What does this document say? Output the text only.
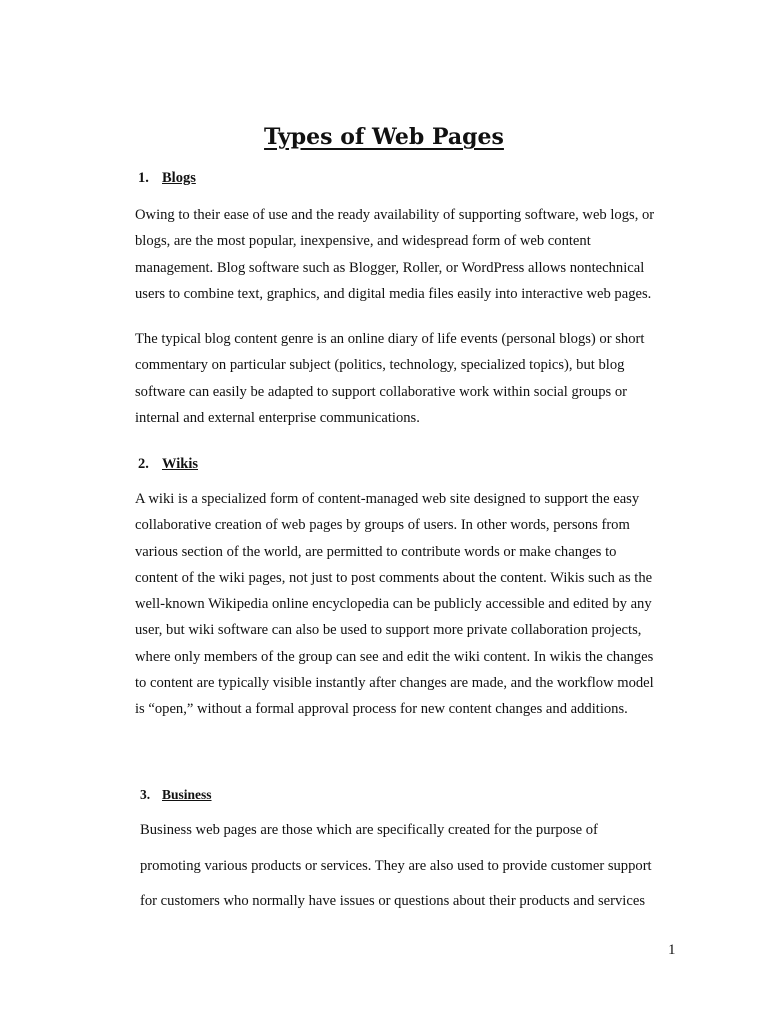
Types of Web Pages
1. Blogs
Owing to their ease of use and the ready availability of supporting software, web logs, or
blogs, are the most popular, inexpensive, and widespread form of web content
management. Blog software such as Blogger, Roller, or WordPress allows nontechnical
users to combine text, graphics, and digital media files easily into interactive web pages.
The typical blog content genre is an online diary of life events (personal blogs) or short
commentary on particular subject (politics, technology, specialized topics), but blog
software can easily be adapted to support collaborative work within social groups or
internal and external enterprise communications.
2. Wikis
A wiki is a specialized form of content-managed web site designed to support the easy
collaborative creation of web pages by groups of users. In other words, persons from
various section of the world, are permitted to contribute words or make changes to
content of the wiki pages, not just to post comments about the content. Wikis such as the
well-known Wikipedia online encyclopedia can be publicly accessible and edited by any
user, but wiki software can also be used to support more private collaboration projects,
where only members of the group can see and edit the wiki content. In wikis the changes
to content are typically visible instantly after changes are made, and the workflow model
is “open,” without a formal approval process for new content changes and additions.
3. Business
Business web pages are those which are specifically created for the purpose of
promoting various products or services. They are also used to provide customer support
for customers who normally have issues or questions about their products and services
1
